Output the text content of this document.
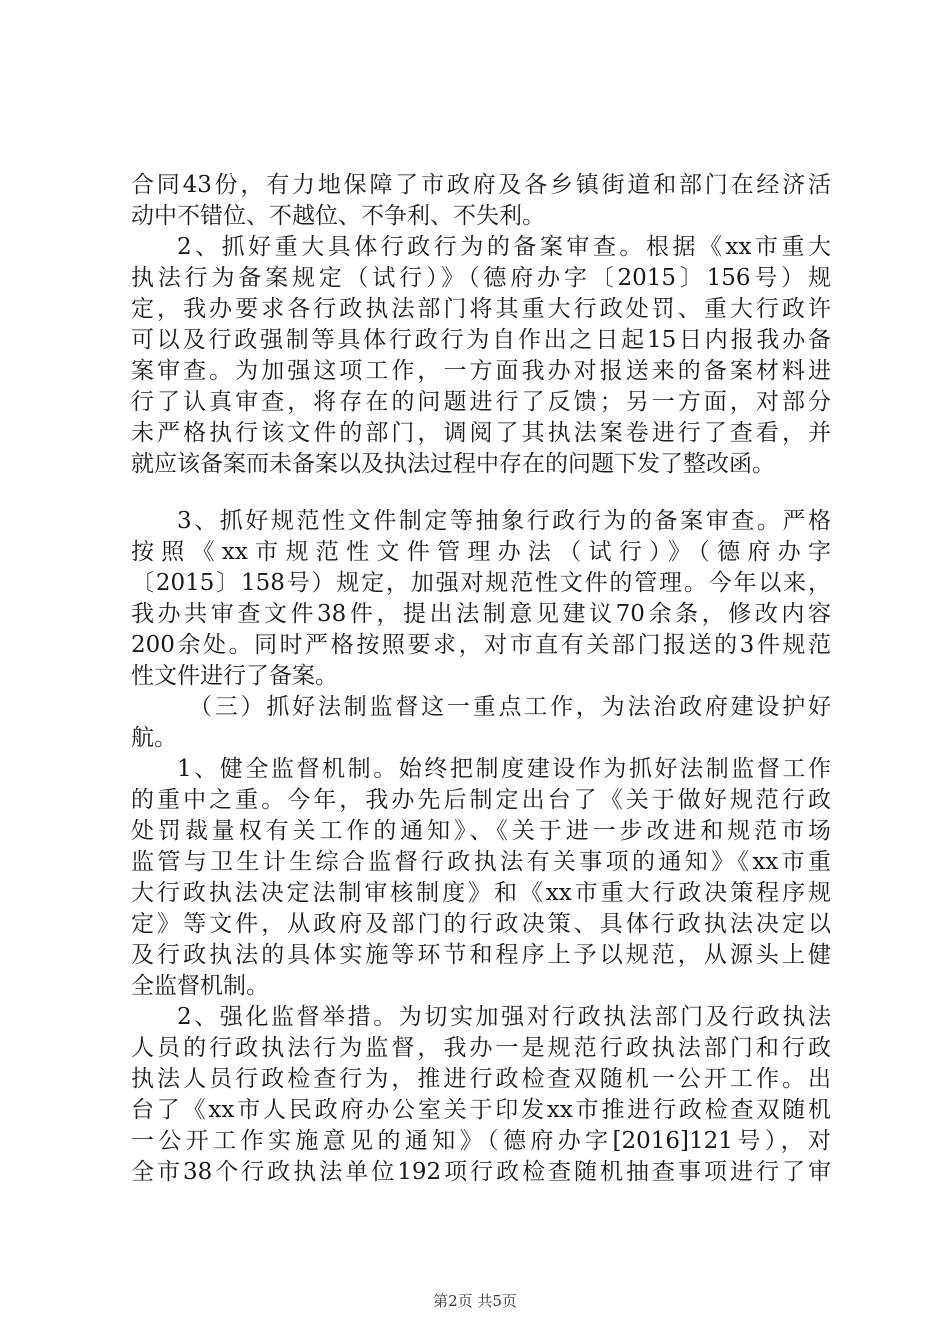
合同43份，有力地保障了市政府及各乡镇街道和部门在经济活
动中不错位、不越位、不争利、不失利。
2、抓好重大具体行政行为的备案审查。根据《xx市重大
执法行为备案规定（试行）》（德府办字〔2015〕156号）规
定，我办要求各行政执法部门将其重大行政处罚、重大行政许
可以及行政强制等具体行政行为自作出之日起15日内报我办备
案审查。为加强这项工作，一方面我办对报送来的备案材料进
行了认真审查，将存在的问题进行了反馈；另一方面，对部分
未严格执行该文件的部门，调阅了其执法案卷进行了查看，并
就应该备案而未备案以及执法过程中存在的问题下发了整改函。
3、抓好规范性文件制定等抽象行政行为的备案审查。严格
按照《xx市规范性文件管理办法（试行）》（德府办字
〔2015〕158号）规定，加强对规范性文件的管理。今年以来，
我办共审查文件38件，提出法制意见建议70余条，修改内容
200余处。同时严格按照要求，对市直有关部门报送的3件规范
性文件进行了备案。
（三）抓好法制监督这一重点工作，为法治政府建设护好
航。
1、健全监督机制。始终把制度建设作为抓好法制监督工作
的重中之重。今年，我办先后制定出台了《关于做好规范行政
处罚裁量权有关工作的通知》、《关于进一步改进和规范市场
监管与卫生计生综合监督行政执法有关事项的通知》《xx市重
大行政执法决定法制审核制度》和《xx市重大行政决策程序规
定》等文件，从政府及部门的行政决策、具体行政执法决定以
及行政执法的具体实施等环节和程序上予以规范，从源头上健
全监督机制。
2、强化监督举措。为切实加强对行政执法部门及行政执法
人员的行政执法行为监督，我办一是规范行政执法部门和行政
执法人员行政检查行为，推进行政检查双随机一公开工作。出
台了《xx市人民政府办公室关于印发xx市推进行政检查双随机
一公开工作实施意见的通知》（德府办字[2016]121号），对
全市38个行政执法单位192项行政检查随机抽查事项进行了审
第2页 共5页
